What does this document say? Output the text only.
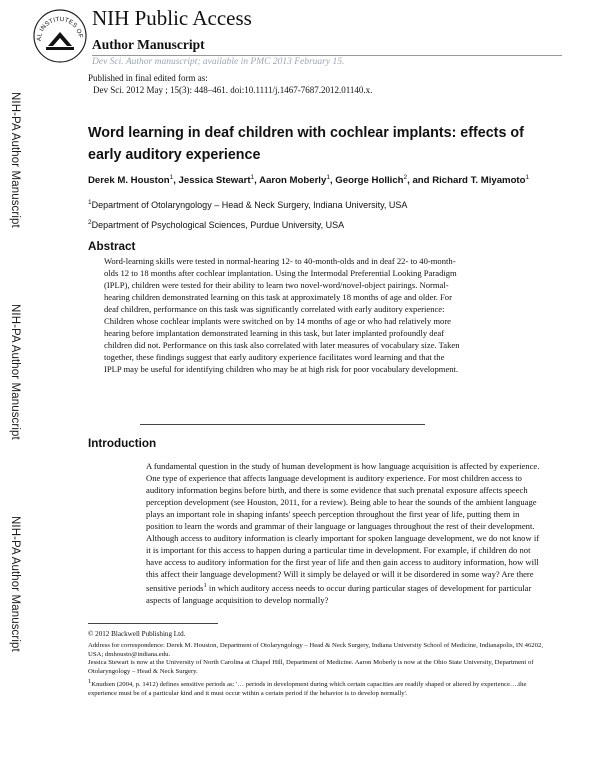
NIH-PA Author Manuscript
NIH-PA Author Manuscript
NIH-PA Author Manuscript
AL INSTITUTES OF
NIH Public Access
Author Manuscript
Dev Sci. Author manuscript; available in PMC 2013 February 15.
Published in final edited form as:
Dev Sci. 2012 May ; 15(3): 448–461. doi:10.1111/j.1467-7687.2012.01140.x.
Word learning in deaf children with cochlear implants: effects of early auditory experience
Derek M. Houston$^1$, Jessica Stewart$^1$, Aaron Moberly$^1$, George Hollich$^2$, and Richard T. Miyamoto$^1$
$^1$Department of Otolaryngology – Head & Neck Surgery, Indiana University, USA
$^2$Department of Psychological Sciences, Purdue University, USA
Abstract
Word-learning skills were tested in normal-hearing 12- to 40-month-olds and in deaf 22- to 40-month-olds 12 to 18 months after cochlear implantation. Using the Intermodal Preferential Looking Paradigm (IPLP), children were tested for their ability to learn two novel-word/novel-object pairings. Normal-hearing children demonstrated learning on this task at approximately 18 months of age and older. For deaf children, performance on this task was significantly correlated with early auditory experience: Children whose cochlear implants were switched on by 14 months of age or who had relatively more hearing before implantation demonstrated learning in this task, but later implanted profoundly deaf children did not. Performance on this task also correlated with later measures of vocabulary size. Taken together, these findings suggest that early auditory experience facilitates word learning and that the IPLP may be useful for identifying children who may be at high risk for poor vocabulary development.
Introduction
A fundamental question in the study of human development is how language acquisition is affected by experience. One type of experience that affects language development is auditory experience. For most children access to auditory information begins before birth, and there is some evidence that such prenatal exposure affects speech perception development (see Houston, 2011, for a review). Being able to hear the sounds of the ambient language plays an important role in shaping infants' speech perception throughout the first year of life, putting them in position to learn the words and grammar of their language or languages throughout the rest of their development. Although access to auditory information is clearly important for spoken language development, we do not know if it is important for this access to happen during a particular time in development. For example, if children do not have access to auditory information for the first year of life and then gain access to auditory information, how will this affect their language development? Will it simply be delayed or will it be disordered in some way? Are there sensitive periods$^1$ in which auditory access needs to occur during particular stages of development for particular aspects of language acquisition to develop normally?
© 2012 Blackwell Publishing Ltd.
Address for correspondence: Derek M. Houston, Department of Otolaryngology – Head & Neck Surgery, Indiana University School of Medicine, Indianapolis, IN 46202, USA; dmhousto@indiana.edu.
Jessica Stewart is now at the University of North Carolina at Chapel Hill, Department of Medicine. Aaron Moberly is now at the Ohio State University, Department of Otolaryngology – Head & Neck Surgery.
1Knudsen (2004, p. 1412) defines sensitive periods as: '… periods in development during which certain capacities are readily shaped or altered by experience….the experience must be of a particular kind and it must occur within a certain period if the behavior is to develop normally'.
